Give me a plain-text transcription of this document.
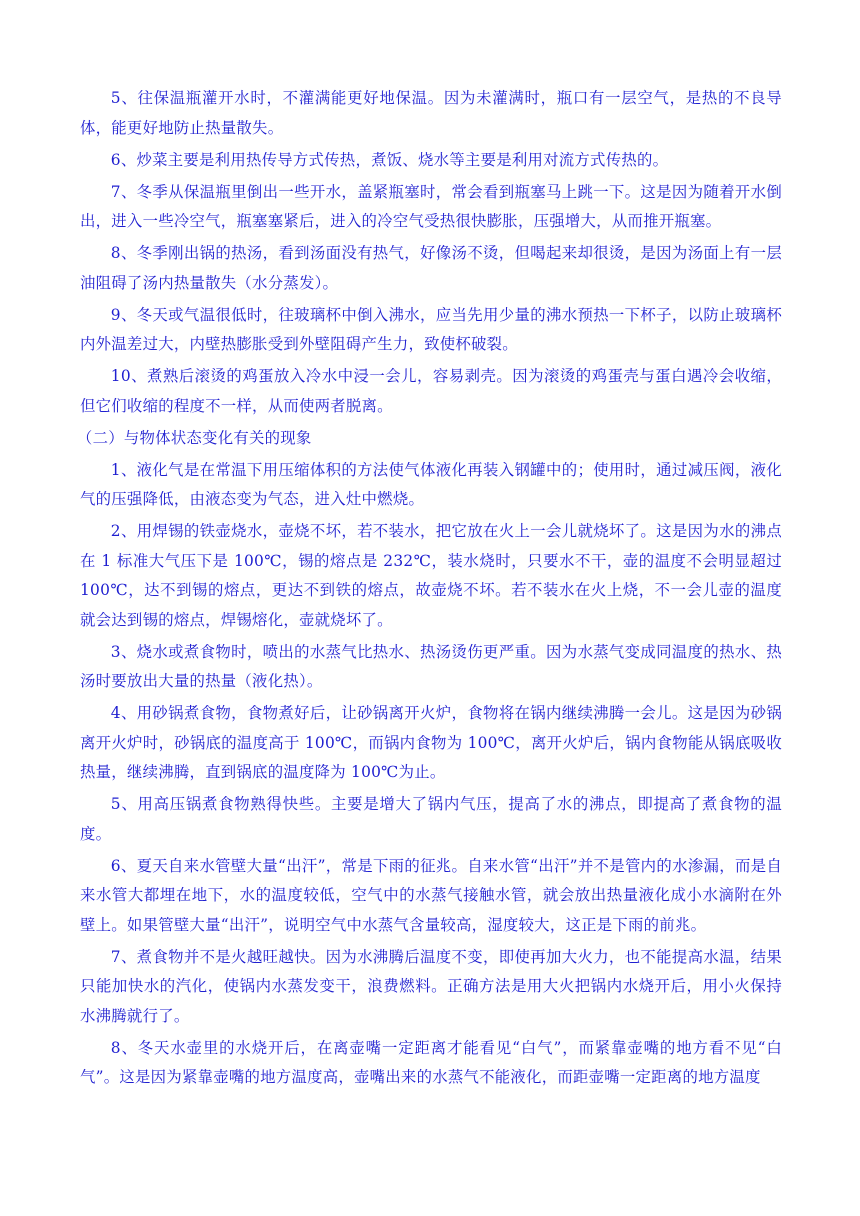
5、往保温瓶灌开水时，不灌满能更好地保温。因为未灌满时，瓶口有一层空气，是热的不良导体，能更好地防止热量散失。

6、炒菜主要是利用热传导方式传热，煮饭、烧水等主要是利用对流方式传热的。

7、冬季从保温瓶里倒出一些开水，盖紧瓶塞时，常会看到瓶塞马上跳一下。这是因为随着开水倒出，进入一些冷空气，瓶塞塞紧后，进入的冷空气受热很快膨胀，压强增大，从而推开瓶塞。

8、冬季刚出锅的热汤，看到汤面没有热气，好像汤不烫，但喝起来却很烫，是因为汤面上有一层油阻碍了汤内热量散失（水分蒸发）。

9、冬天或气温很低时，往玻璃杯中倒入沸水，应当先用少量的沸水预热一下杯子，以防止玻璃杯内外温差过大，内壁热膨胀受到外壁阻碍产生力，致使杯破裂。

10、煮熟后滚烫的鸡蛋放入冷水中浸一会儿，容易剥壳。因为滚烫的鸡蛋壳与蛋白遇冷会收缩，但它们收缩的程度不一样，从而使两者脱离。

（二）与物体状态变化有关的现象

1、液化气是在常温下用压缩体积的方法使气体液化再装入钢罐中的；使用时，通过减压阀，液化气的压强降低，由液态变为气态，进入灶中燃烧。

2、用焊锡的铁壶烧水，壶烧不坏，若不装水，把它放在火上一会儿就烧坏了。这是因为水的沸点在 1 标准大气压下是 100℃，锡的熔点是 232℃，装水烧时，只要水不干，壶的温度不会明显超过 100℃，达不到锡的熔点，更达不到铁的熔点，故壶烧不坏。若不装水在火上烧，不一会儿壶的温度就会达到锡的熔点，焊锡熔化，壶就烧坏了。

3、烧水或煮食物时，喷出的水蒸气比热水、热汤烫伤更严重。因为水蒸气变成同温度的热水、热汤时要放出大量的热量（液化热）。

4、用砂锅煮食物，食物煮好后，让砂锅离开火炉，食物将在锅内继续沸腾一会儿。这是因为砂锅离开火炉时，砂锅底的温度高于 100℃，而锅内食物为 100℃，离开火炉后，锅内食物能从锅底吸收热量，继续沸腾，直到锅底的温度降为 100℃为止。

5、用高压锅煮食物熟得快些。主要是增大了锅内气压，提高了水的沸点，即提高了煮食物的温度。

6、夏天自来水管壁大量“出汗”，常是下雨的征兆。自来水管“出汗”并不是管内的水渗漏，而是自来水管大都埋在地下，水的温度较低，空气中的水蒸气接触水管，就会放出热量液化成小水滴附在外壁上。如果管壁大量“出汗”，说明空气中水蒸气含量较高，湿度较大，这正是下雨的前兆。

7、煮食物并不是火越旺越快。因为水沸腾后温度不变，即使再加大火力，也不能提高水温，结果只能加快水的汽化，使锅内水蒸发变干，浪费燃料。正确方法是用大火把锅内水烧开后，用小火保持水沸腾就行了。

8、冬天水壶里的水烧开后，在离壶嘴一定距离才能看见“白气”，而紧靠壶嘴的地方看不见“白气”。这是因为紧靠壶嘴的地方温度高，壶嘴出来的水蒸气不能液化，而距壶嘴一定距离的地方温度
